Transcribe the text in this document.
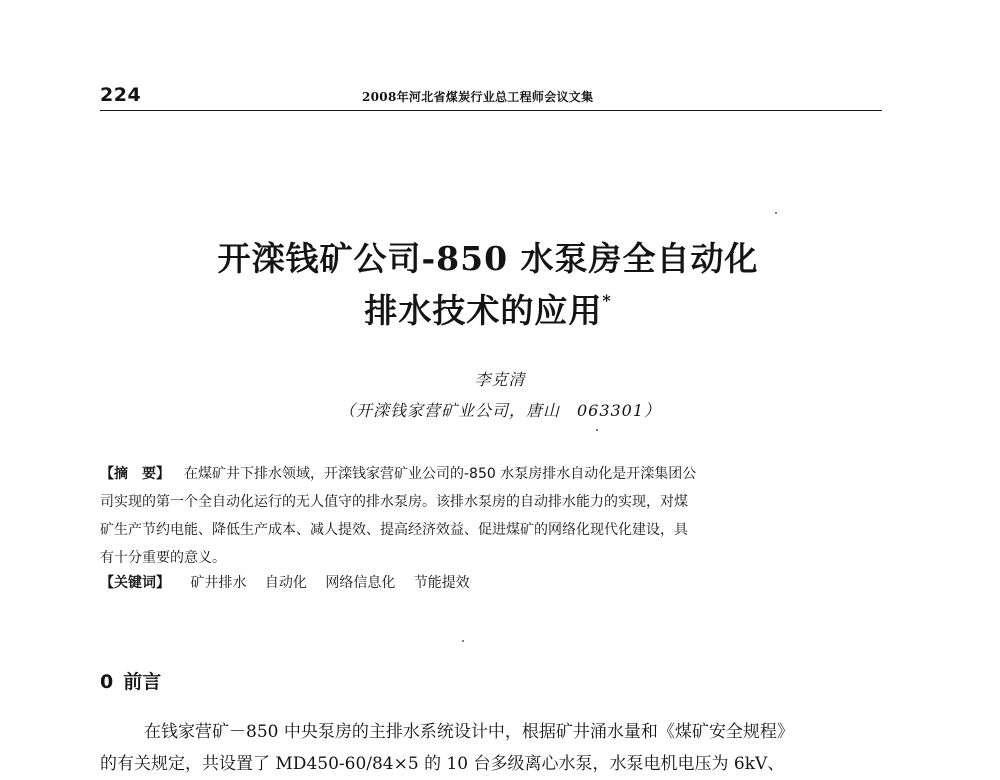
224	2008年河北省煤炭行业总工程师会议文集
开滦钱矿公司-850 水泵房全自动化
排水技术的应用*
李克清
（开滦钱家营矿业公司，唐山　063301）
【摘　要】 在煤矿井下排水领域，开滦钱家营矿业公司的-850 水泵房排水自动化是开滦集团公
司实现的第一个全自动化运行的无人值守的排水泵房。该排水泵房的自动排水能力的实现，对煤
矿生产节约电能、降低生产成本、减人提效、提高经济效益、促进煤矿的网络化现代化建设，具
有十分重要的意义。
【关键词】 矿井排水 自动化 网络信息化 节能提效
0 前言
在钱家营矿－850 中央泵房的主排水系统设计中，根据矿井涌水量和《煤矿安全规程》
的有关规定，共设置了 MD450-60/84×5 的 10 台多级离心水泵，水泵电机电压为 6kV、
